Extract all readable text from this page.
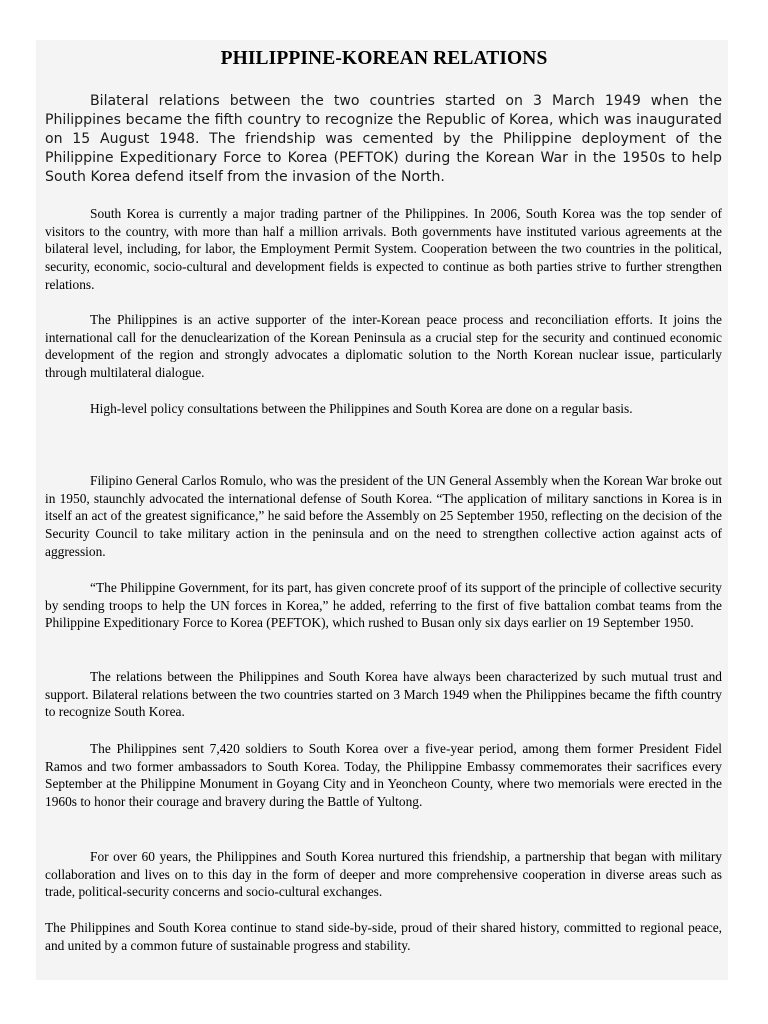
PHILIPPINE-KOREAN RELATIONS

Bilateral relations between the two countries started on 3 March 1949 when the Philippines became the fifth country to recognize the Republic of Korea, which was inaugurated on 15 August 1948. The friendship was cemented by the Philippine deployment of the Philippine Expeditionary Force to Korea (PEFTOK) during the Korean War in the 1950s to help South Korea defend itself from the invasion of the North.

South Korea is currently a major trading partner of the Philippines. In 2006, South Korea was the top sender of visitors to the country, with more than half a million arrivals. Both governments have instituted various agreements at the bilateral level, including, for labor, the Employment Permit System. Cooperation between the two countries in the political, security, economic, socio-cultural and development fields is expected to continue as both parties strive to further strengthen relations.

The Philippines is an active supporter of the inter-Korean peace process and reconciliation efforts. It joins the international call for the denuclearization of the Korean Peninsula as a crucial step for the security and continued economic development of the region and strongly advocates a diplomatic solution to the North Korean nuclear issue, particularly through multilateral dialogue.

High-level policy consultations between the Philippines and South Korea are done on a regular basis.

Filipino General Carlos Romulo, who was the president of the UN General Assembly when the Korean War broke out in 1950, staunchly advocated the international defense of South Korea. “The application of military sanctions in Korea is in itself an act of the greatest significance,” he said before the Assembly on 25 September 1950, reflecting on the decision of the Security Council to take military action in the peninsula and on the need to strengthen collective action against acts of aggression.

“The Philippine Government, for its part, has given concrete proof of its support of the principle of collective security by sending troops to help the UN forces in Korea,” he added, referring to the first of five battalion combat teams from the Philippine Expeditionary Force to Korea (PEFTOK), which rushed to Busan only six days earlier on 19 September 1950.

The relations between the Philippines and South Korea have always been characterized by such mutual trust and support. Bilateral relations between the two countries started on 3 March 1949 when the Philippines became the fifth country to recognize South Korea.

The Philippines sent 7,420 soldiers to South Korea over a five-year period, among them former President Fidel Ramos and two former ambassadors to South Korea. Today, the Philippine Embassy commemorates their sacrifices every September at the Philippine Monument in Goyang City and in Yeoncheon County, where two memorials were erected in the 1960s to honor their courage and bravery during the Battle of Yultong.

For over 60 years, the Philippines and South Korea nurtured this friendship, a partnership that began with military collaboration and lives on to this day in the form of deeper and more comprehensive cooperation in diverse areas such as trade, political-security concerns and socio-cultural exchanges.

The Philippines and South Korea continue to stand side-by-side, proud of their shared history, committed to regional peace, and united by a common future of sustainable progress and stability.
